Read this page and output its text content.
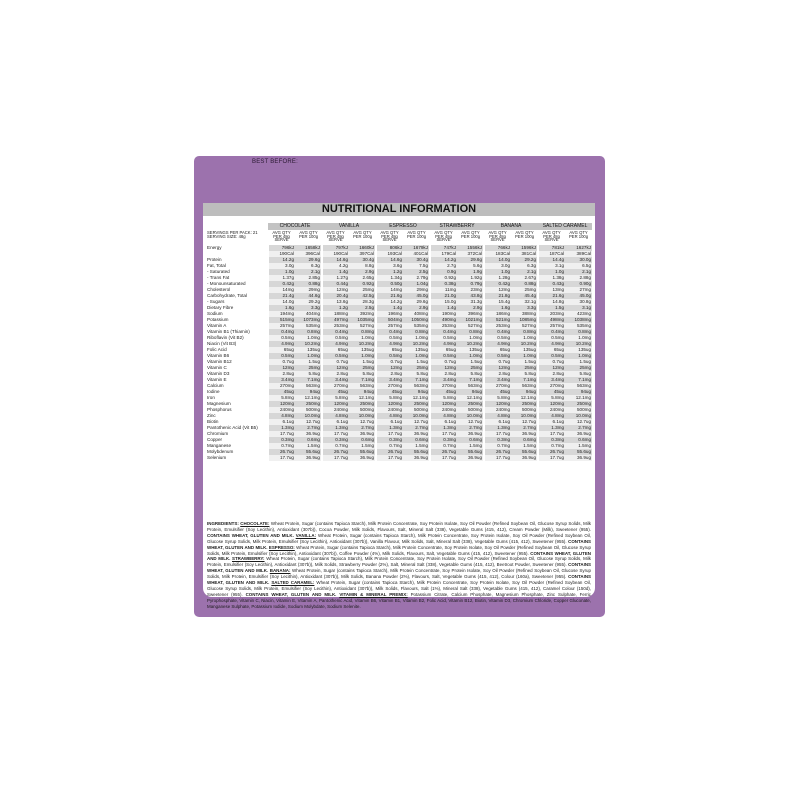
BEST BEFORE:
NUTRITIONAL INFORMATION
	CHOCOLATE		VANILLA		ESPRESSO		STRAWBERRY		BANANA		SALTED CARAMEL	

SERVINGS PER PACK: 21
SERVING SIZE: 48g	AVG QTY PER 48g SERVE	AVG QTY PER 100g	AVG QTY PER 48g SERVE	AVG QTY PER 100g	AVG QTY PER 48g SERVE	AVG QTY PER 100g	AVG QTY PER 48g SERVE	AVG QTY PER 100g	AVG QTY PER 48g SERVE	AVG QTY PER 100g	AVG QTY PER 48g SERVE	AVG QTY PER 100g

Energy	796kJ	1658kJ	797kJ	1660kJ	806kJ	1679kJ	747kJ	1556kJ	766kJ	1596kJ	781kJ	1627kJ
	190Cal	396Cal	190Cal	397Cal	193Cal	401Cal	179Cal	372Cal	183Cal	381Cal	187Cal	389Cal
Protein	14.2g	29.6g	14.6g	30.4g	14.6g	30.4g	14.2g	29.6g	14.0g	29.2g	14.4g	30.0g
Fat, Total	3.0g	6.3g	4.2g	8.8g	3.6g	7.5g	2.7g	5.6g	3.0g	6.3g	3.1g	6.5g
- Saturated	1.0g	2.1g	1.4g	2.9g	1.2g	2.5g	0.9g	1.9g	1.0g	2.1g	1.0g	2.1g
- Trans Fat	1.37g	2.85g	1.27g	2.65g	1.34g	2.79g	0.92g	1.92g	1.28g	2.67g	1.38g	2.88g
- Monounsaturated	0.42g	0.88g	0.44g	0.92g	0.50g	1.04g	0.38g	0.79g	0.42g	0.88g	0.43g	0.90g
Cholesterol	14mg	29mg	12mg	25mg	14mg	29mg	11mg	23mg	12mg	25mg	13mg	27mg
Carbohydrate, Total	21.4g	44.6g	20.4g	42.5g	21.6g	45.0g	21.0g	43.8g	21.8g	45.4g	21.6g	45.0g
- Sugars	14.0g	29.2g	13.6g	28.3g	14.2g	29.6g	15.0g	31.3g	15.4g	32.1g	14.8g	30.8g
Dietary Fibre	1.6g	3.3g	1.2g	2.5g	1.4g	2.9g	1.4g	2.9g	1.6g	3.3g	1.5g	3.1g
Sodium	194mg	404mg	188mg	392mg	196mg	408mg	190mg	396mg	186mg	388mg	203mg	423mg
Potassium	515mg	1073mg	497mg	1035mg	504mg	1050mg	490mg	1021mg	521mg	1085mg	498mg	1038mg
Vitamin A	257mg	535mg	253mg	527mg	257mg	535mg	253mg	527mg	253mg	527mg	257mg	535mg
Vitamin B1 (Thiamin)	0.4mg	0.8mg	0.4mg	0.8mg	0.4mg	0.8mg	0.4mg	0.8mg	0.4mg	0.8mg	0.4mg	0.8mg
Riboflavin (Vit B2)	0.5mg	1.0mg	0.5mg	1.0mg	0.5mg	1.0mg	0.5mg	1.0mg	0.5mg	1.0mg	0.5mg	1.0mg
Niacin (Vit B3)	4.9mg	10.2mg	4.9mg	10.2mg	4.9mg	10.2mg	4.9mg	10.2mg	4.9mg	10.2mg	4.9mg	10.2mg
Folic Acid	65ug	135ug	65ug	135ug	65ug	135ug	65ug	135ug	65ug	135ug	65ug	135ug
Vitamin B6	0.5mg	1.0mg	0.5mg	1.0mg	0.5mg	1.0mg	0.5mg	1.0mg	0.5mg	1.0mg	0.5mg	1.0mg
Vitamin B12	0.7ug	1.5ug	0.7ug	1.5ug	0.7ug	1.5ug	0.7ug	1.5ug	0.7ug	1.5ug	0.7ug	1.5ug
Vitamin C	12mg	25mg	12mg	25mg	12mg	25mg	12mg	25mg	12mg	25mg	12mg	25mg
Vitamin D3	2.8ug	5.8ug	2.8ug	5.8ug	2.8ug	5.8ug	2.8ug	5.8ug	2.8ug	5.8ug	2.8ug	5.8ug
Vitamin E	3.4mg	7.1mg	3.4mg	7.1mg	3.4mg	7.1mg	3.4mg	7.1mg	3.4mg	7.1mg	3.4mg	7.1mg
Calcium	270mg	563mg	270mg	563mg	270mg	563mg	270mg	563mg	270mg	563mg	270mg	563mg
Iodine	45ug	94ug	45ug	94ug	45ug	94ug	45ug	94ug	45ug	94ug	45ug	94ug
Iron	5.8mg	12.1mg	5.8mg	12.1mg	5.8mg	12.1mg	5.8mg	12.1mg	5.8mg	12.1mg	5.8mg	12.1mg
Magnesium	120mg	250mg	120mg	250mg	120mg	250mg	120mg	250mg	120mg	250mg	120mg	250mg
Phosphorus	240mg	500mg	240mg	500mg	240mg	500mg	240mg	500mg	240mg	500mg	240mg	500mg
Zinc	4.8mg	10.0mg	4.8mg	10.0mg	4.8mg	10.0mg	4.8mg	10.0mg	4.8mg	10.0mg	4.8mg	10.0mg
Biotin	6.1ug	12.7ug	6.1ug	12.7ug	6.1ug	12.7ug	6.1ug	12.7ug	6.1ug	12.7ug	6.1ug	12.7ug
Pantothenic Acid (Vit B5)	1.3mg	2.7mg	1.3mg	2.7mg	1.3mg	2.7mg	1.3mg	2.7mg	1.3mg	2.7mg	1.3mg	2.7mg
Chromium	17.7ug	36.9ug	17.7ug	36.9ug	17.7ug	36.9ug	17.7ug	36.9ug	17.7ug	36.9ug	17.7ug	36.9ug
Copper	0.3mg	0.6mg	0.3mg	0.6mg	0.3mg	0.6mg	0.3mg	0.6mg	0.3mg	0.6mg	0.3mg	0.6mg
Manganese	0.7mg	1.5mg	0.7mg	1.5mg	0.7mg	1.5mg	0.7mg	1.5mg	0.7mg	1.5mg	0.7mg	1.5mg
Molybdenum	26.7ug	55.6ug	26.7ug	55.6ug	26.7ug	55.6ug	26.7ug	55.6ug	26.7ug	55.6ug	26.7ug	55.6ug
Selenium	17.7ug	36.9ug	17.7ug	36.9ug	17.7ug	36.9ug	17.7ug	36.9ug	17.7ug	36.9ug	17.7ug	36.9ug
INGREDIENTS: CHOCOLATE: Wheat Protein, Sugar (contains Tapioca Starch), Milk Protein Concentrate, Soy Protein Isolate, Soy Oil Powder (Refined Soybean Oil, Glucose Syrup Solids, Milk Protein, Emulsifier (Soy Lecithin), Antioxidant (307b)), Cocoa Powder, Milk Solids, Flavours, Salt, Mineral Salt (338), Vegetable Gums (415, 412), Cream Powder (Milk), Sweetener (955). CONTAINS WHEAT, GLUTEN AND MILK. VANILLA: Wheat Protein, Sugar (contains Tapioca Starch), Milk Protein Concentrate, Soy Protein Isolate, Soy Oil Powder (Refined Soybean Oil, Glucose Syrup Solids, Milk Protein, Emulsifier (Soy Lecithin), Antioxidant (307b)), Vanilla Flavour, Milk Solids, Salt, Mineral Salt (338), Vegetable Gums (415, 412), Sweetener (955). CONTAINS WHEAT, GLUTEN AND MILK. ESPRESSO: Wheat Protein, Sugar (contains Tapioca Starch), Milk Protein Concentrate, Soy Protein Isolate, Soy Oil Powder (Refined Soybean Oil, Glucose Syrup Solids, Milk Protein, Emulsifier (Soy Lecithin), Antioxidant (307b)), Coffee Powder (4%), Milk Solids, Flavours, Salt, Vegetable Gums (415, 412), Sweetener (955). CONTAINS WHEAT, GLUTEN AND MILK. STRAWBERRY: Wheat Protein, Sugar (contains Tapioca Starch), Milk Protein Concentrate, Soy Protein Isolate, Soy Oil Powder (Refined Soybean Oil, Glucose Syrup Solids, Milk Protein, Emulsifier (Soy Lecithin), Antioxidant (307b)), Milk Solids, Strawberry Powder (2%), Salt, Mineral Salt (338), Vegetable Gums (415, 412), Beetroot Powder, Sweetener (955). CONTAINS WHEAT, GLUTEN AND MILK. BANANA: Wheat Protein, Sugar (contains Tapioca Starch), Milk Protein Concentrate, Soy Protein Isolate, Soy Oil Powder (Refined Soybean Oil, Glucose Syrup Solids, Milk Protein, Emulsifier (Soy Lecithin), Antioxidant (307b)), Milk Solids, Banana Powder (2%), Flavours, Salt, Vegetable Gums (415, 412), Colour (160a), Sweetener (955). CONTAINS WHEAT, GLUTEN AND MILK. SALTED CARAMEL: Wheat Protein, Sugar (contains Tapioca Starch), Milk Protein Concentrate, Soy Protein Isolate, Soy Oil Powder (Refined Soybean Oil, Glucose Syrup Solids, Milk Protein, Emulsifier (Soy Lecithin), Antioxidant (307b)), Milk Solids, Flavours, Salt (1%), Mineral Salt (338), Vegetable Gums (415, 412), Caramel Colour (150d), Sweetener (955). CONTAINS WHEAT, GLUTEN AND MILK. VITAMIN & MINERAL PREMIX: Potassium Citrate, Calcium Phosphate, Magnesium Phosphate, Zinc Sulphate, Ferric Pyrophosphate, Vitamin C, Niacin, Vitamin E, Vitamin A, Pantothenic Acid, Vitamin B6, Vitamin B1, Vitamin B2, Folic Acid, Vitamin B12, Biotin, Vitamin D3, Chromium Chloride, Copper Gluconate, Manganese Sulphate, Potassium Iodide, Sodium Molybdate, Sodium Selenite.
